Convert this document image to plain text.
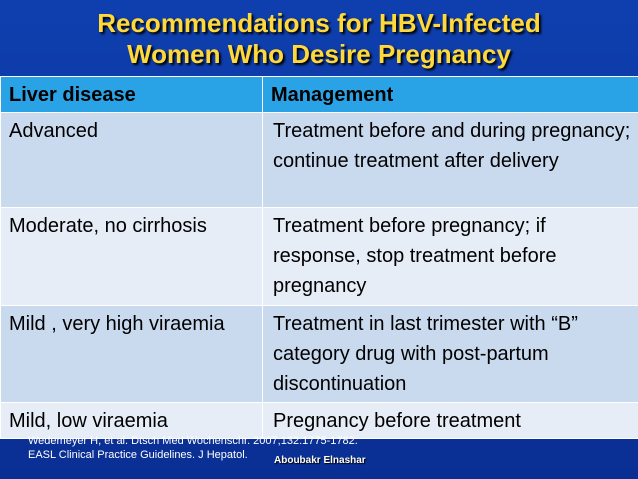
Recommendations for HBV-Infected
Women Who Desire Pregnancy
Liver disease	Management
Advanced	Treatment before and during pregnancy; continue treatment after delivery
Moderate, no cirrhosis	Treatment before pregnancy; if response, stop treatment before pregnancy
Mild , very high viraemia	Treatment in last trimester with “B” category drug with post-partum discontinuation
Mild, low viraemia	Pregnancy before treatment
Wedemeyer H, et al. Dtsch Med Wochenschr. 2007;132:1775-1782.
EASL Clinical Practice Guidelines. J Hepatol.	Aboubakr Elnashar
